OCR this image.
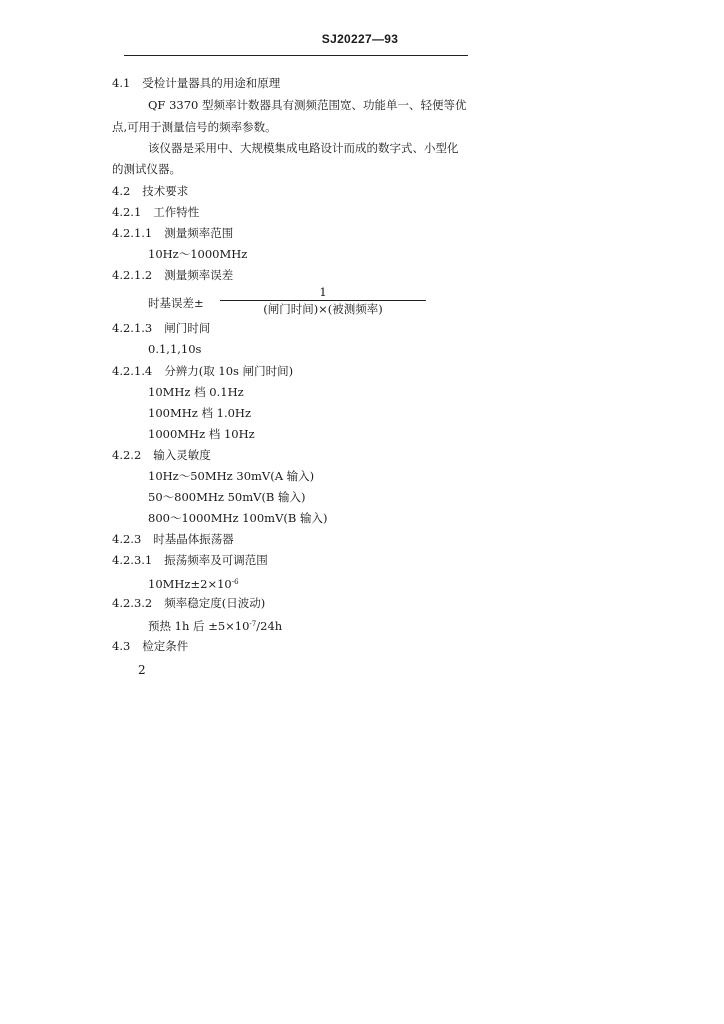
SJ20227—93
4.1 受检计量器具的用途和原理
QF 3370 型频率计数器具有测频范围宽、功能单一、轻便等优
点,可用于测量信号的频率参数。
该仪器是采用中、大规模集成电路设计而成的数字式、小型化
的测试仪器。
4.2 技术要求
4.2.1 工作特性
4.2.1.1 测量频率范围
10Hz～1000MHz
4.2.1.2 测量频率误差
时基误差±
1
(闸门时间)×(被测频率)
4.2.1.3 闸门时间
0.1,1,10s
4.2.1.4 分辨力(取 10s 闸门时间)
10MHz 档 0.1Hz
100MHz 档 1.0Hz
1000MHz 档 10Hz
4.2.2 输入灵敏度
10Hz～50MHz 30mV(A 输入)
50～800MHz 50mV(B 输入)
800～1000MHz 100mV(B 输入)
4.2.3 时基晶体振荡器
4.2.3.1 振荡频率及可调范围
$10MHz\pm 2\times 10^{-6}$
4.2.3.2 频率稳定度(日波动)
预热 1h 后 $\pm 5\times 10^{-7}/24h$
4.3 检定条件
2
